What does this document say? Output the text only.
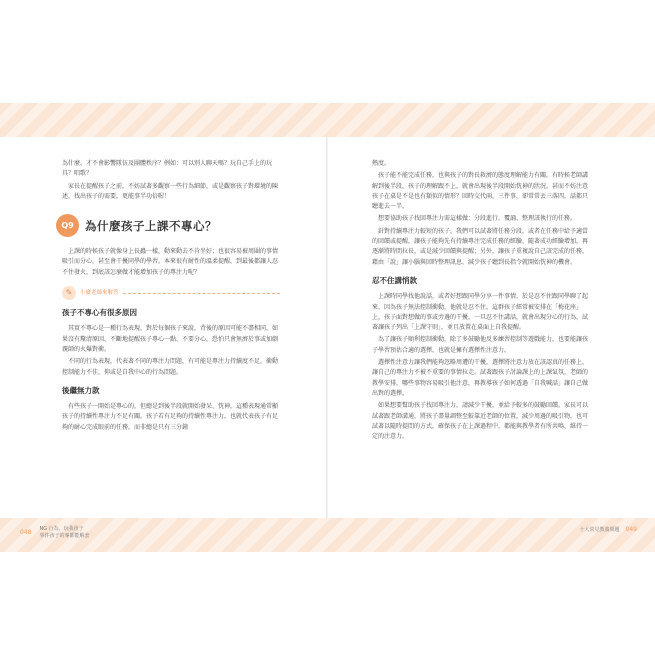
為什麼，才不會影響隊伍及團體秩序？例如：可以別人聊天嗎？玩自己手上的玩具？唱歌？

家長在提醒孩子之前，不妨試著多觀察一些行為細節，或是觀察孩子對環境的陳述，找出孩子的需要，更能事半功倍喔！

Q9 為什麼孩子上課不專心？

上課的時候孩子就像身上長蟲一樣，動來動去不肯坐好；也很容易被周圍的事情吸引而分心，甚至會干擾同學的學習。本來很有耐性的溫柔提醒，到最後都讓人忍不住發火，到底該怎麼做才能增加孩子的專注力呢？

✎	小廣老師來解答
孩子不專心有很多原因

其實不專心是一種行為表現，對於每個孩子來說，背後的原因可能不盡相同，如果沒有釐清原因，不斷地提醒孩子專心一點、不要分心，恐怕只會無濟於事或加劇親師的火爆對衝。

不同的行為表現，代表著不同的專注力問題，有可能是專注力持續度不足，衝動控制能力不佳，抑或是自我中心的行為問題。

後繼無力款

有些孩子一開始是專心的，但總是到後半段就開始發呆、恍神，這種表現通常顯孩子的持續性專注力不足有關。孩子若有足夠的持續性專注力，也就代表孩子有足夠的耐心完成眼前的任務，而非總是只有三分鐘

048 NG 行為，玩我孩子
事件孩子的專都能解套

熱度。

孩子能不能完成任務，也與孩子的對長救濟的態度理解能力有關。有時候老師講解到後半段，孩子的理解跟不上，就會出現後半段開始恍神的狀況。甚而不妨注意孩子在桌是不是也有類似的情形？回時交代兩，三件事，卻常常丟三落四，話都只聽進去一半。

想要協助孩子找回專注力需這樣做：分段進行、覆誦、整理該執行的任務。

針對持續專注力較短的孩子，我們可以試著將任務分段，或者在任務中給予適當的回饋或提醒，讓孩子能夠先有持續專注完成任務的經驗，隨著成功經驗增加，再逐漸將時間拉長，或是減少回饋與提醒；另外，讓孩子重複說自己該完成的任務，藉由「說」讓小腦與回時整理訊息，減少孩子聽到長指令就開始恍神的機會。

忍不住講悄款

上課時同學找他說話，或者好想跟同學分享一件事情，於是忍不住跟同學聊了起來，因為孩子無法控制衝動，他就是忍不住，這群孩子經常被安排在「梅花座」上，孩子面對想做的事或旁邊的干擾，一旦忍不住講話，就會出現分心的行為，試著讓孩子列出「上課守則」，並且放置在桌面上自我提醒。

為了讓孩子順利控制衝動，除了多鼓勵他反多練習控制等遊戲能力，也要能讓孩子學習預估合適的選擇，也就是擁有選擇性注意力。

選擇性注意力讓我們能夠忽略周遭的干擾，選擇將注意力放在該認真的任務上，讓自己的專注力不被不重要的事情拉走。試著跟孩子討論課上的上課氣氛，老師的教學安排，哪些事物容易吸引他注意，再教導孩子如何透過「自我喊話」讓自己做出對的選擇。

如果想要幫助孩子找回專注力，請減少干擾，並給予較多的鼓勵回饋。家長可以試著跟老師溝通，將孩子盡量調整至較靠近老師的位置，減少周邊的吸引物，也可試著以隨時提問的方式，確保孩子在上課過程中，都能與教學者有所共鳴，維持一定的注意力。

十大常見教養問題 049
